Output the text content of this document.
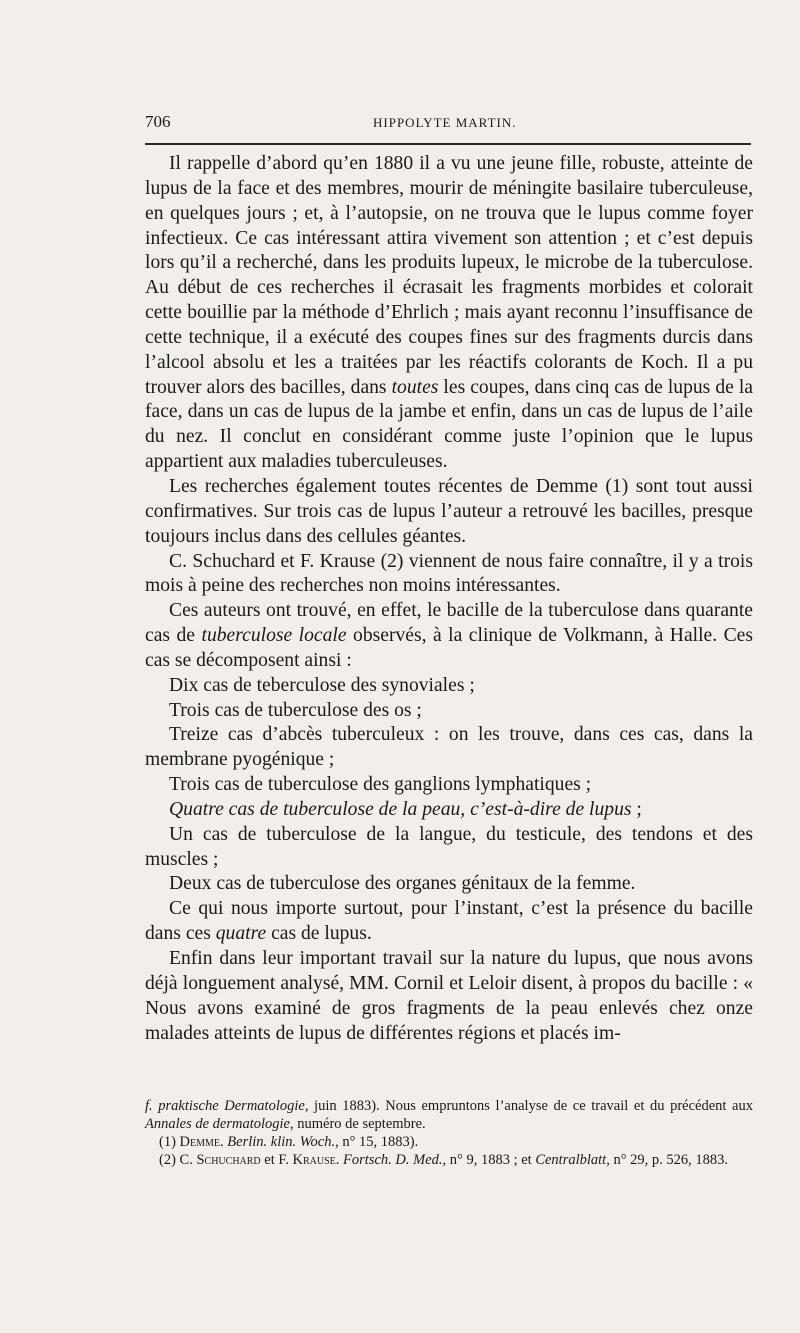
706	HIPPOLYTE MARTIN.

Il rappelle d’abord qu’en 1880 il a vu une jeune fille, robuste, atteinte de lupus de la face et des membres, mourir de méningite basilaire tuberculeuse, en quelques jours ; et, à l’autopsie, on ne trouva que le lupus comme foyer infectieux. Ce cas intéressant attira vivement son attention ; et c’est depuis lors qu’il a recherché, dans les produits lupeux, le microbe de la tuberculose. Au début de ces recherches il écrasait les fragments morbides et colorait cette bouillie par la méthode d’Ehrlich ; mais ayant reconnu l’insuffisance de cette technique, il a exécuté des coupes fines sur des fragments durcis dans l’alcool absolu et les a traitées par les réactifs colorants de Koch. Il a pu trouver alors des bacilles, dans toutes les coupes, dans cinq cas de lupus de la face, dans un cas de lupus de la jambe et enfin, dans un cas de lupus de l’aile du nez. Il conclut en considérant comme juste l’opinion que le lupus appartient aux maladies tuberculeuses.

Les recherches également toutes récentes de Demme (1) sont tout aussi confirmatives. Sur trois cas de lupus l’auteur a retrouvé les bacilles, presque toujours inclus dans des cellules géantes.

C. Schuchard et F. Krause (2) viennent de nous faire connaître, il y a trois mois à peine des recherches non moins intéressantes.

Ces auteurs ont trouvé, en effet, le bacille de la tuberculose dans quarante cas de tuberculose locale observés, à la clinique de Volkmann, à Halle. Ces cas se décomposent ainsi :

Dix cas de teberculose des synoviales ;

Trois cas de tuberculose des os ;

Treize cas d’abcès tuberculeux : on les trouve, dans ces cas, dans la membrane pyogénique ;

Trois cas de tuberculose des ganglions lymphatiques ;

Quatre cas de tuberculose de la peau, c’est-à-dire de lupus ;

Un cas de tuberculose de la langue, du testicule, des tendons et des muscles ;

Deux cas de tuberculose des organes génitaux de la femme.

Ce qui nous importe surtout, pour l’instant, c’est la présence du bacille dans ces quatre cas de lupus.

Enfin dans leur important travail sur la nature du lupus, que nous avons déjà longuement analysé, MM. Cornil et Leloir disent, à propos du bacille : « Nous avons examiné de gros fragments de la peau enlevés chez onze malades atteints de lupus de différentes régions et placés im-

f. praktische Dermatologie, juin 1883). Nous empruntons l’analyse de ce travail et du précédent aux Annales de dermatologie, numéro de septembre.

(1) Demme. Berlin. klin. Woch., n° 15, 1883).

(2) C. Schuchard et F. Krause. Fortsch. D. Med., n° 9, 1883 ; et Centralblatt, n° 29, p. 526, 1883.
